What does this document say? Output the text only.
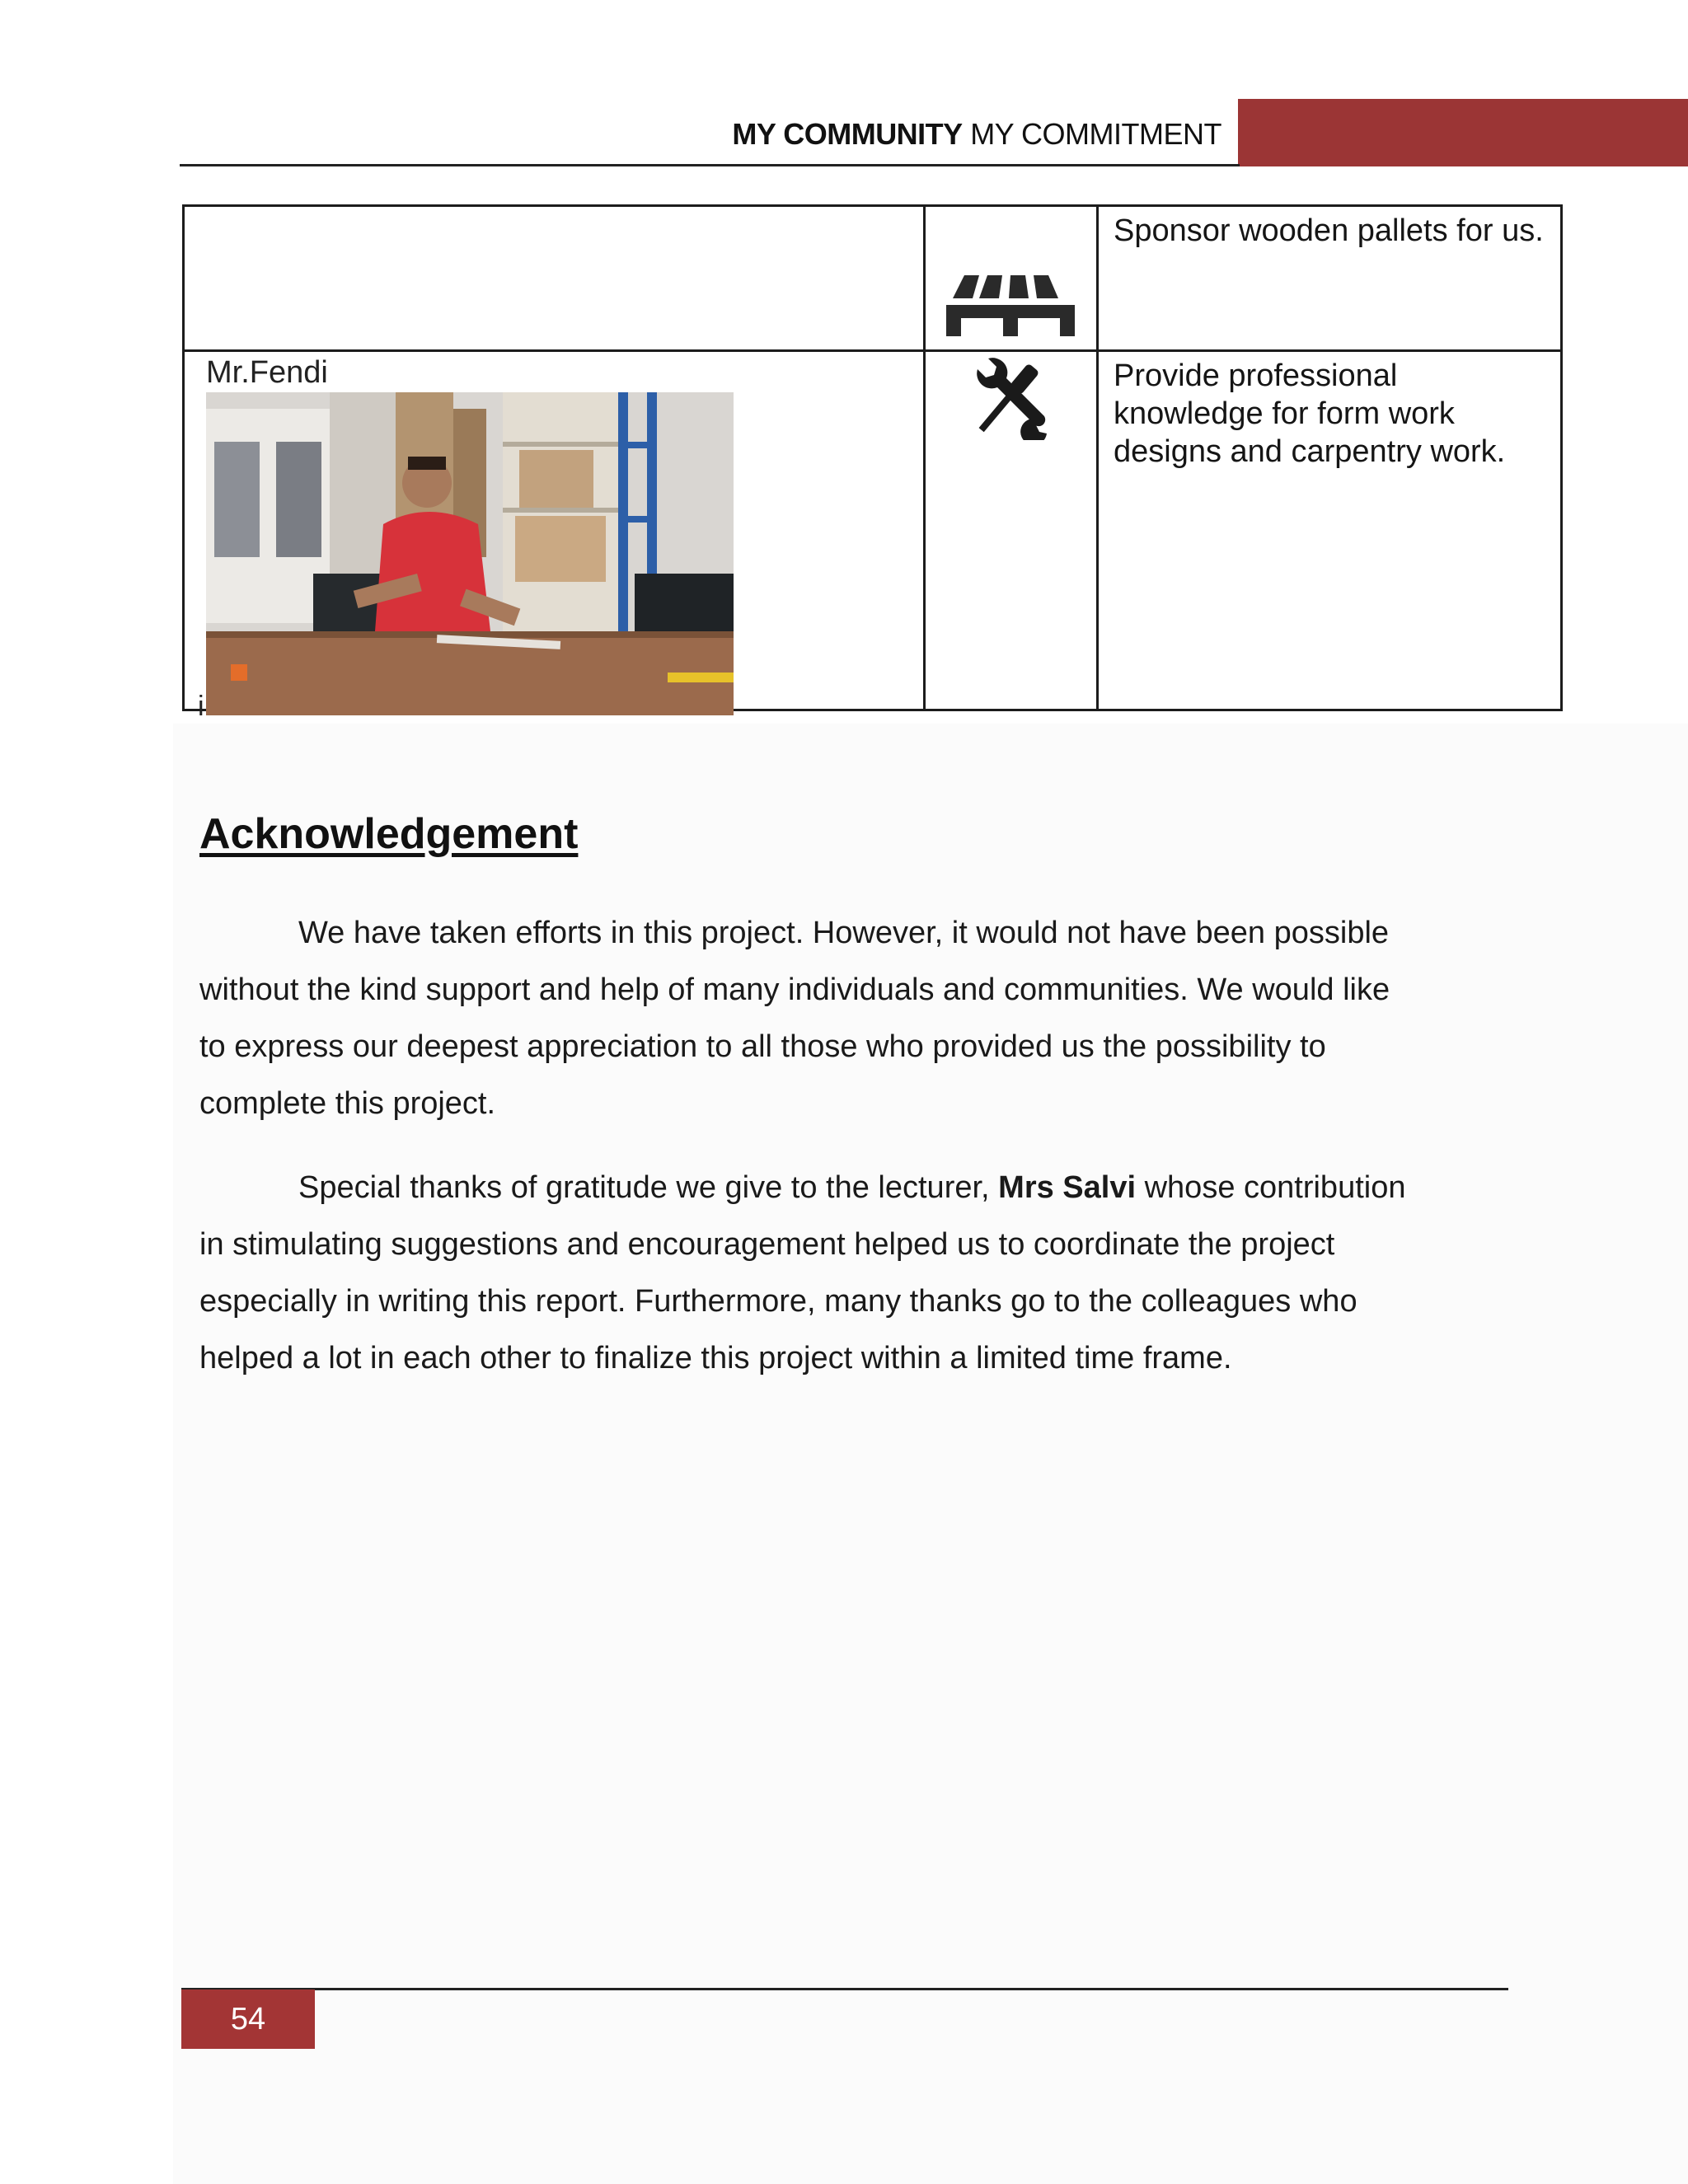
MY COMMUNITY MY COMMITMENT

		Sponsor wooden pallets for us.

Mr.Fendi		Provide professional knowledge for form work designs and carpentry work.
i
Acknowledgement
We have taken efforts in this project. However, it would not have been possible
without the kind support and help of many individuals and communities. We would like
to express our deepest appreciation to all those who provided us the possibility to
complete this project.
Special thanks of gratitude we give to the lecturer, Mrs Salvi whose contribution
in stimulating suggestions and encouragement helped us to coordinate the project
especially in writing this report. Furthermore, many thanks go to the colleagues who
helped a lot in each other to finalize this project within a limited time frame.
54
